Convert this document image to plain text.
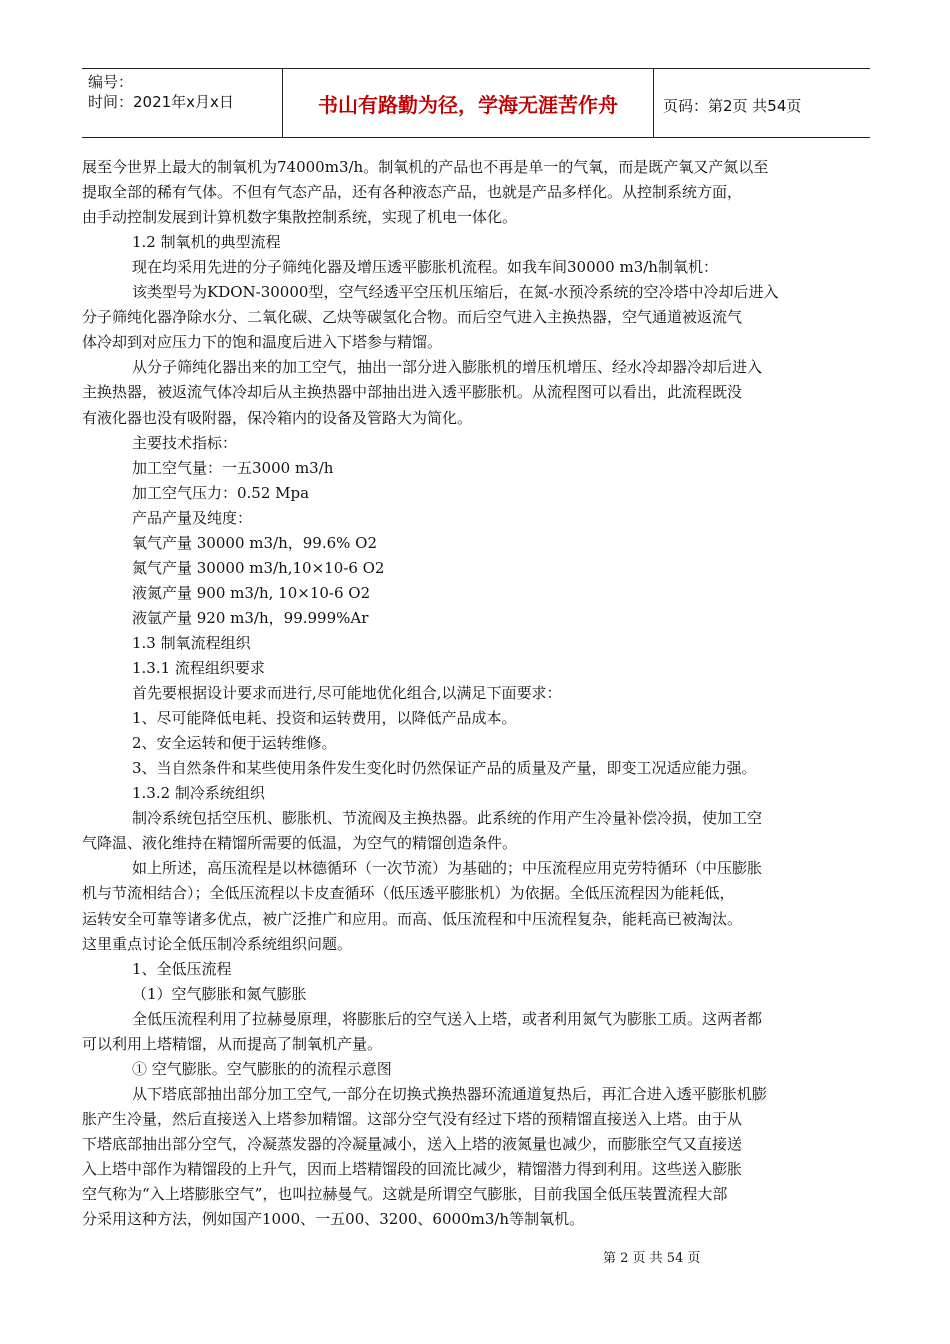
编号：
时间：2021年x月x日	书山有路勤为径，学海无涯苦作舟	页码：第2页 共54页
展至今世界上最大的制氧机为74000m3/h。制氧机的产品也不再是单一的气氧，而是既产氧又产氮以至
提取全部的稀有气体。不但有气态产品，还有各种液态产品，也就是产品多样化。从控制系统方面，
由手动控制发展到计算机数字集散控制系统，实现了机电一体化。
1.2 制氧机的典型流程
现在均采用先进的分子筛纯化器及增压透平膨胀机流程。如我车间30000 m3/h制氧机：
该类型号为KDON-30000型，空气经透平空压机压缩后，在氮-水预冷系统的空冷塔中冷却后进入
分子筛纯化器净除水分、二氧化碳、乙炔等碳氢化合物。而后空气进入主换热器，空气通道被返流气
体冷却到对应压力下的饱和温度后进入下塔参与精馏。
从分子筛纯化器出来的加工空气，抽出一部分进入膨胀机的增压机增压、经水冷却器冷却后进入
主换热器，被返流气体冷却后从主换热器中部抽出进入透平膨胀机。从流程图可以看出，此流程既没
有液化器也没有吸附器，保冷箱内的设备及管路大为简化。
主要技术指标：
加工空气量：一五3000 m3/h
加工空气压力：0.52 Mpa
产品产量及纯度：
氧气产量 30000 m3/h，99.6% O2
氮气产量 30000 m3/h,10×10-6 O2
液氮产量 900 m3/h, 10×10-6 O2
液氩产量 920 m3/h，99.999%Ar
1.3 制氧流程组织
1.3.1 流程组织要求
首先要根据设计要求而进行,尽可能地优化组合,以满足下面要求：
1、尽可能降低电耗、投资和运转费用，以降低产品成本。
2、安全运转和便于运转维修。
3、当自然条件和某些使用条件发生变化时仍然保证产品的质量及产量，即变工况适应能力强。
1.3.2 制冷系统组织
制冷系统包括空压机、膨胀机、节流阀及主换热器。此系统的作用产生冷量补偿冷损，使加工空
气降温、液化维持在精馏所需要的低温，为空气的精馏创造条件。
如上所述，高压流程是以林德循环（一次节流）为基础的；中压流程应用克劳特循环（中压膨胀
机与节流相结合）；全低压流程以卡皮查循环（低压透平膨胀机）为依据。全低压流程因为能耗低，
运转安全可靠等诸多优点，被广泛推广和应用。而高、低压流程和中压流程复杂，能耗高已被淘汰。
这里重点讨论全低压制冷系统组织问题。
1、全低压流程
（1）空气膨胀和氮气膨胀
全低压流程利用了拉赫曼原理，将膨胀后的空气送入上塔，或者利用氮气为膨胀工质。这两者都
可以利用上塔精馏，从而提高了制氧机产量。
① 空气膨胀。空气膨胀的的流程示意图
从下塔底部抽出部分加工空气,一部分在切换式换热器环流通道复热后，再汇合进入透平膨胀机膨
胀产生冷量，然后直接送入上塔参加精馏。这部分空气没有经过下塔的预精馏直接送入上塔。由于从
下塔底部抽出部分空气，冷凝蒸发器的冷凝量减小，送入上塔的液氮量也减少，而膨胀空气又直接送
入上塔中部作为精馏段的上升气，因而上塔精馏段的回流比减少，精馏潜力得到利用。这些送入膨胀
空气称为“入上塔膨胀空气”，也叫拉赫曼气。这就是所谓空气膨胀，目前我国全低压装置流程大部
分采用这种方法，例如国产1000、一五00、3200、6000m3/h等制氧机。
第 2 页 共 54 页
